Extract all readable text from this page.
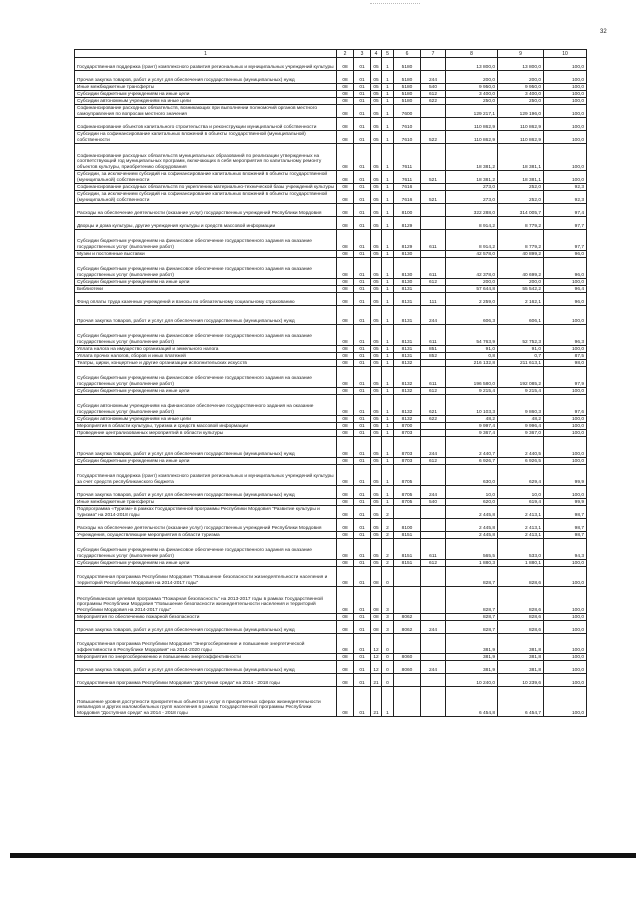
32
1	2	3	4	5	6	7	8	9	10
Государственная поддержка (грант) комплексного развития региональных и муниципальных учреждений культуры	08	01	05	1	5180		13 800,0	13 800,0	100,0
Прочая закупка товаров, работ и услуг для обеспечения государственных (муниципальных) нужд	08	01	05	1	5180	244	200,0	200,0	100,0
Иные межбюджетные трансферты	08	01	05	1	5180	540	9 950,0	9 950,0	100,0
Субсидии бюджетным учреждениям на иные цели	08	01	05	1	5180	612	3 400,0	3 400,0	100,0
Субсидии автономным учреждениям на иные цели	08	01	05	1	5180	622	250,0	250,0	100,0
Софинансирование расходных обязательств, возникающих при выполнении полномочий органов местного самоуправления по вопросам местного значения	08	01	05	1	7600		129 217,1	129 196,0	100,0
Софинансирование объектов капитального строительства и реконструкции муниципальной собственности	08	01	05	1	7610		110 862,9	110 862,9	100,0
Субсидии на софинансирование капитальных вложений в объекты государственной (муниципальной) собственности	08	01	05	1	7610	522	110 862,9	110 862,9	100,0
Софинансирование расходных обязательств муниципальных образований по реализации утвержденных на соответствующий год муниципальных программ, включающих в себя мероприятия по капитальному ремонту объектов культуры, приобретению оборудования	08	01	05	1	7611		18 381,2	18 381,1	100,0
Субсидии, за исключением субсидий на софинансирование капитальных вложений в объекты государственной (муниципальной) собственности	08	01	05	1	7611	521	18 381,2	18 381,1	100,0
Софинансирование расходных обязательств по укреплению материально-технической базы учреждений культуры	08	01	05	1	7616		273,0	252,0	92,3
Субсидии, за исключением субсидий на софинансирование капитальных вложений в объекты государственной (муниципальной) собственности	08	01	05	1	7616	521	273,0	252,0	92,3
Расходы на обеспечение деятельности (оказание услуг) государственных учреждений Республики Мордовия	08	01	05	1	8100		322 288,0	314 005,7	97,4
Дворцы и дома культуры, другие учреждения культуры и средств массовой информации	08	01	05	1	8129		8 914,2	8 779,2	97,7
Субсидии бюджетным учреждениям на финансовое обеспечение государственного задания на оказание государственных услуг (выполнение работ)	08	01	05	1	8129	611	8 914,2	8 779,2	97,7
Музеи и постоянные выставки	08	01	05	1	8130		42 578,0	40 899,2	96,0
Субсидии бюджетным учреждениям на финансовое обеспечение государственного задания на оказание государственных услуг (выполнение работ)	08	01	05	1	8130	611	42 378,0	40 699,2	96,0
Субсидии бюджетным учреждениям на иные цели	08	01	05	1	8130	612	200,0	200,0	100,0
Библиотеки	08	01	05	1	8131		57 644,8	55 542,2	96,4
Фонд оплаты труда казенных учреждений и взносы по обязательному социальному страхованию	08	01	05	1	8131	111	2 259,0	2 162,1	96,0
Прочая закупка товаров, работ и услуг для обеспечения государственных (муниципальных) нужд	08	01	05	1	8131	244	606,3	606,1	100,0
Субсидии бюджетным учреждениям на финансовое обеспечение государственного задания на оказание государственных услуг (выполнение работ)	08	01	05	1	8131	611	54 763,9	52 752,3	96,3
Уплата налога на имущество организаций и земельного налога	08	01	05	1	8131	851	91,0	91,0	100,0
Уплата прочих налогов, сборов и иных платежей	08	01	05	1	8131	852	0,8	0,7	87,5
Театры, цирки, концертные и другие организации исполнительских искусств	08	01	05	1	8132		216 132,8	211 613,1	98,0
Субсидии бюджетным учреждениям на финансовое обеспечение государственного задания на оказание государственных услуг (выполнение работ)	08	01	05	1	8132	611	196 580,0	192 085,2	97,9
Субсидии бюджетным учреждениям на иные цели	08	01	05	1	8132	612	9 215,4	9 215,4	100,0
Субсидии автономным учреждениям на финансовое обеспечение государственного задания на оказание государственных услуг (выполнение работ)	08	01	05	1	8132	621	10 103,3	9 860,3	97,6
Субсидии автономным учреждениям на иные цели	08	01	05	1	8132	622	48,2	48,2	100,0
Мероприятия в области культуры, туризма и средств массовой информации	08	01	05	1	8700		9 997,4	9 996,4	100,0
Проведение централизованных мероприятий в области культуры	08	01	05	1	8703		9 367,4	9 367,0	100,0
Прочая закупка товаров, работ и услуг для обеспечения государственных (муниципальных) нужд	08	01	05	1	8703	244	2 440,7	2 440,5	100,0
Субсидии бюджетным учреждениям на иные цели	08	01	05	1	8703	612	6 926,7	6 926,5	100,0
Государственная поддержка (грант) комплексного развития региональных и муниципальных учреждений культуры за счет средств республиканского бюджета	08	01	05	1	8705		630,0	629,4	99,9
Прочая закупка товаров, работ и услуг для обеспечения государственных (муниципальных) нужд	08	01	05	1	8705	244	10,0	10,0	100,0
Иные межбюджетные трансферты	08	01	05	1	8705	540	620,0	619,4	99,9
Подпрограмма «Туризм» в рамках Государственной программы Республики Мордовия "Развитие культуры и туризма" на 2014-2018 годы	08	01	05	2			2 445,8	2 413,1	98,7
Расходы на обеспечение деятельности (оказание услуг) государственных учреждений Республики Мордовия	08	01	05	2	8100		2 445,8	2 413,1	98,7
Учреждения, осуществляющие мероприятия в области туризма	08	01	05	2	8151		2 445,8	2 413,1	98,7
Субсидии бюджетным учреждениям на финансовое обеспечение государственного задания на оказание государственных услуг (выполнение работ)	08	01	05	2	8151	611	565,5	533,0	94,3
Субсидии бюджетным учреждениям на иные цели	08	01	05	2	8151	612	1 880,3	1 880,1	100,0
Государственная программа Республики Мордовия "Повышение безопасности жизнедеятельности населения и территорий Республики Мордовия на 2014-2017 годы"	08	01	08	0			828,7	828,6	100,0
Республиканская целевая программа "Пожарная безопасность" на 2013-2017 годы в рамках Государственной программы Республики Мордовия "Повышение безопасности жизнедеятельности населения и территорий Республики Мордовия на 2014-2017 годы"	08	01	08	3			828,7	828,6	100,0
Мероприятия по обеспечению пожарной безопасности	08	01	08	3	8062		828,7	828,6	100,0
Прочая закупка товаров, работ и услуг для обеспечения государственных (муниципальных) нужд	08	01	08	3	8062	244	828,7	828,6	100,0
Государственная программа Республики Мордовия "Энергосбережение и повышение энергетической эффективности в Республике Мордовия" на 2014-2020 годы	08	01	12	0			381,9	381,8	100,0
Мероприятия по энергосбережению и повышению энергоэффективности	08	01	12	0	8060		381,9	381,8	100,0
Прочая закупка товаров, работ и услуг для обеспечения государственных (муниципальных) нужд	08	01	12	0	8060	244	381,9	381,8	100,0
Государственная программа Республики Мордовия "Доступная среда" на 2014 - 2018 годы	08	01	21	0			10 240,0	10 239,6	100,0
Повышение уровня доступности приоритетных объектов и услуг в приоритетных сферах жизнедеятельности инвалидов и других маломобильных групп населения в рамках Государственной программы Республики Мордовия "Доступная среда" на 2014 - 2018 годы	08	01	21	1			6 454,8	6 454,7	100,0
